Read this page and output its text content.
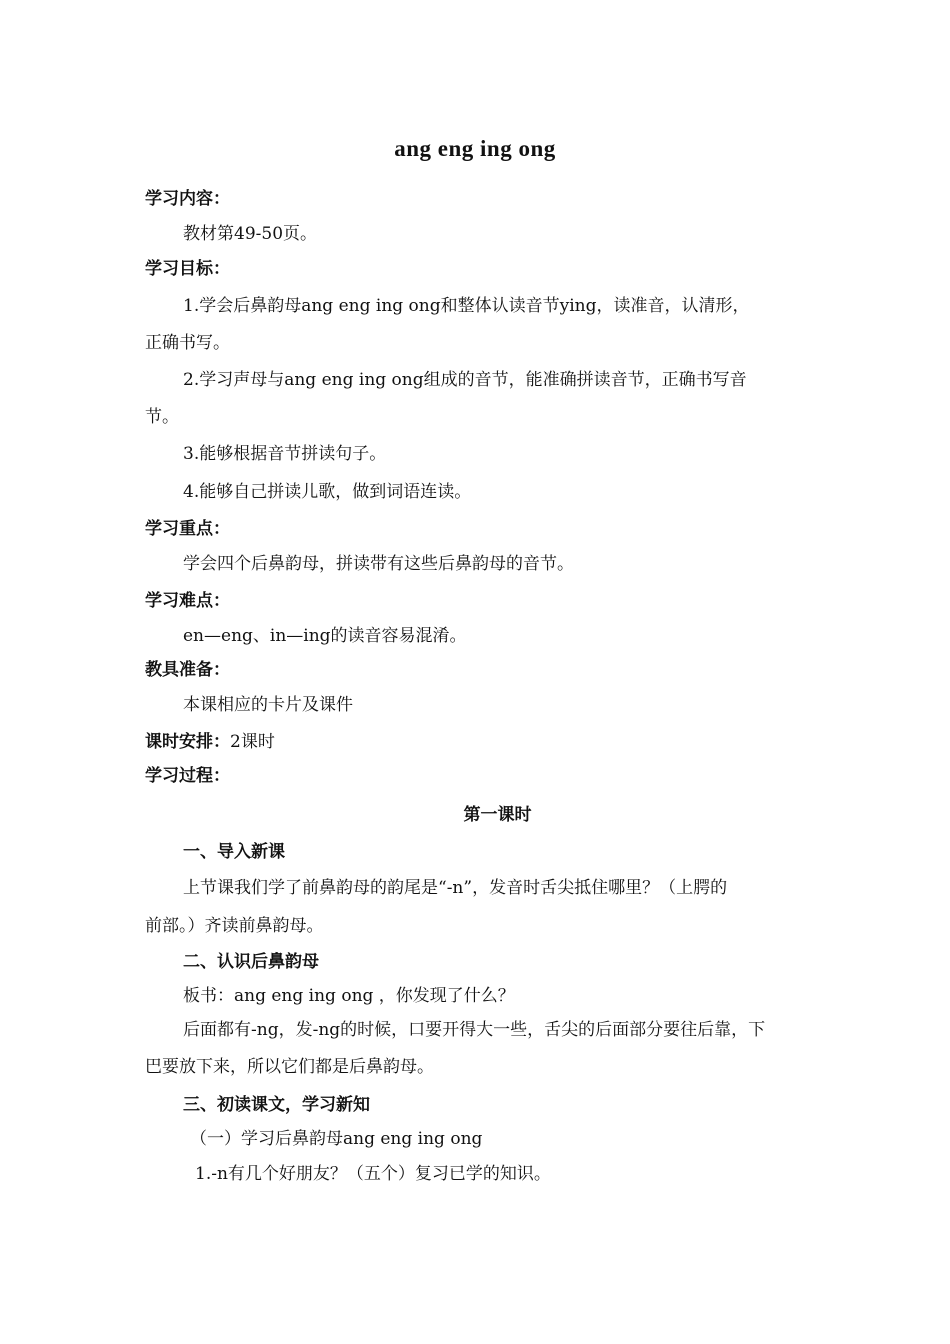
ang eng ing ong
学习内容：
教材第49-50页。
学习目标：
1.学会后鼻韵母ang eng ing ong和整体认读音节ying，读准音，认清形，
正确书写。
2.学习声母与ang eng ing ong组成的音节，能准确拼读音节，正确书写音
节。
3.能够根据音节拼读句子。
4.能够自己拼读儿歌，做到词语连读。
学习重点：
学会四个后鼻韵母，拼读带有这些后鼻韵母的音节。
学习难点：
en—eng、in—ing的读音容易混淆。
教具准备：
本课相应的卡片及课件
课时安排：2课时
学习过程：
第一课时
一、导入新课
上节课我们学了前鼻韵母的韵尾是“-n”，发音时舌尖抵住哪里？（上腭的
前部。）齐读前鼻韵母。
二、认识后鼻韵母
板书：ang eng ing ong ，你发现了什么？
后面都有-ng，发-ng的时候，口要开得大一些，舌尖的后面部分要往后靠，下
巴要放下来，所以它们都是后鼻韵母。
三、初读课文，学习新知
（一）学习后鼻韵母ang eng ing ong
1.-n有几个好朋友？（五个）复习已学的知识。
